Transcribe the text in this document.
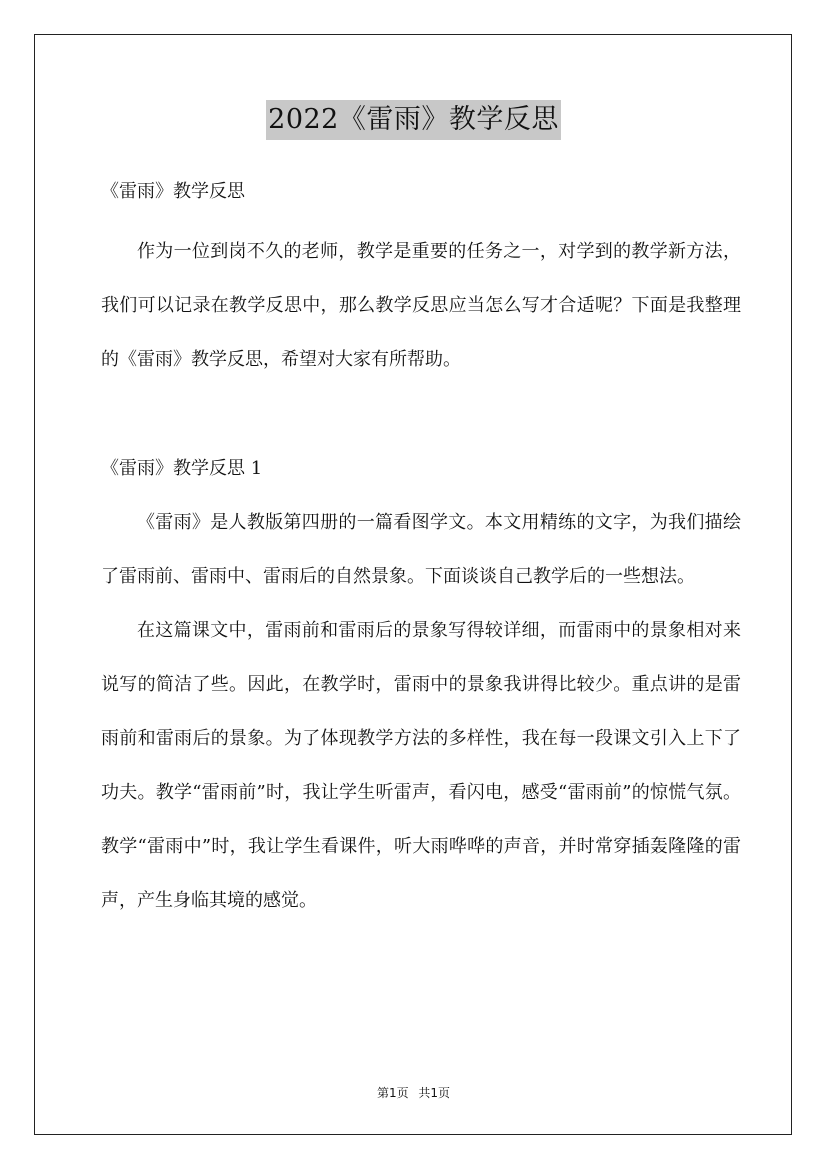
2022《雷雨》教学反思

《雷雨》教学反思

作为一位到岗不久的老师，教学是重要的任务之一，对学到的教学新方法，我们可以记录在教学反思中，那么教学反思应当怎么写才合适呢？下面是我整理的《雷雨》教学反思，希望对大家有所帮助。

《雷雨》教学反思 1

《雷雨》是人教版第四册的一篇看图学文。本文用精练的文字，为我们描绘了雷雨前、雷雨中、雷雨后的自然景象。下面谈谈自己教学后的一些想法。

在这篇课文中，雷雨前和雷雨后的景象写得较详细，而雷雨中的景象相对来说写的简洁了些。因此，在教学时，雷雨中的景象我讲得比较少。重点讲的是雷雨前和雷雨后的景象。为了体现教学方法的多样性，我在每一段课文引入上下了功夫。教学“雷雨前”时，我让学生听雷声，看闪电，感受“雷雨前”的惊慌气氛。教学“雷雨中”时，我让学生看课件，听大雨哗哗的声音，并时常穿插轰隆隆的雷声，产生身临其境的感觉。

第1页 共1页
